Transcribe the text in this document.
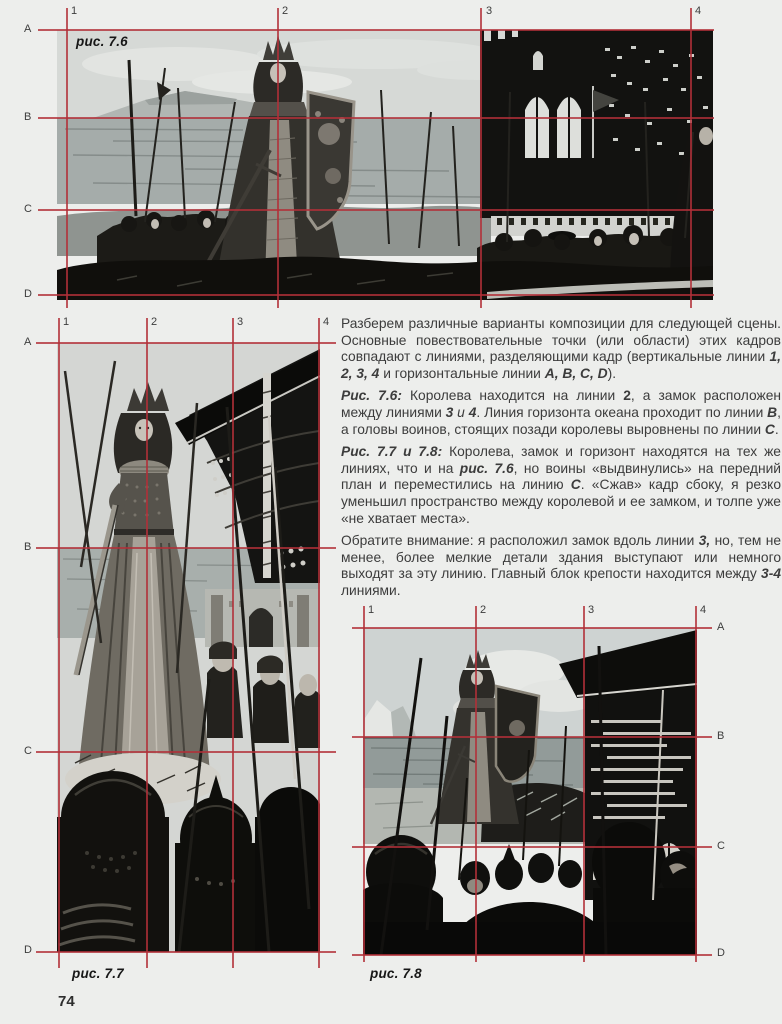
1	2	3	4
A
B
C
D
1	2	3	4
A
B
C
D
1	2	3	4
A
B
C
D
рис. 7.6
рис. 7.7	рис. 7.8

Разберем различные варианты композиции для следующей сцены. Основные повествовательные точки (или области) этих кадров совпадают с линиями, разделяющими кадр (вертикальные линии 1, 2, 3, 4 и горизонтальные линии A, B, C, D).

Рис. 7.6: Королева находится на линии 2, а замок расположен между линиями 3 и 4. Линия горизонта океана проходит по линии B, а головы воинов, стоящих позади королевы выровнены по линии C.

Рис. 7.7 и 7.8: Королева, замок и горизонт находятся на тех же линиях, что и на рис. 7.6, но воины «выдвинулись» на передний план и переместились на линию C. «Сжав» кадр сбоку, я резко уменьшил пространство между королевой и ее замком, и толпе уже «не хватает места».

Обратите внимание: я расположил замок вдоль линии 3, но, тем не менее, более мелкие детали здания выступают или немного выходят за эту линию. Главный блок крепости находится между 3-4 линиями.

74
